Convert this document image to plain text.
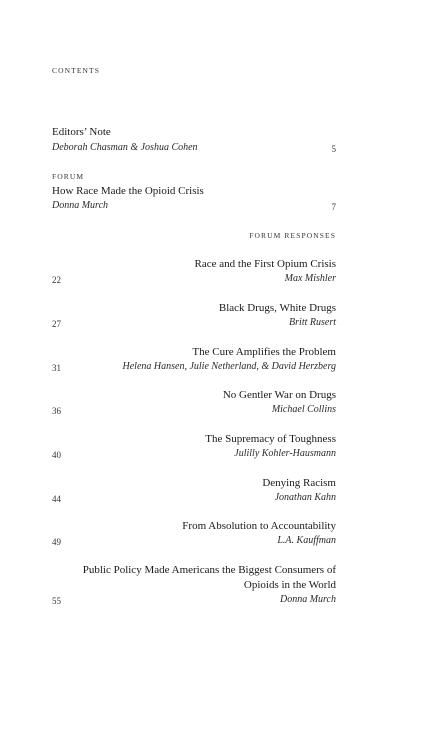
CONTENTS
Editors’ Note
Deborah Chasman & Joshua Cohen	5
FORUM
How Race Made the Opioid Crisis
Donna Murch	7
FORUM RESPONSES
Race and the First Opium Crisis
Max Mishler
22
Black Drugs, White Drugs
Britt Rusert
27
The Cure Amplifies the Problem
Helena Hansen, Julie Netherland, & David Herzberg
31
No Gentler War on Drugs
Michael Collins
36
The Supremacy of Toughness
Julilly Kohler-Hausmann
40
Denying Racism
Jonathan Kahn
44
From Absolution to Accountability
L.A. Kauffman
49
Public Policy Made Americans the Biggest Consumers of Opioids in the World
Donna Murch
55
